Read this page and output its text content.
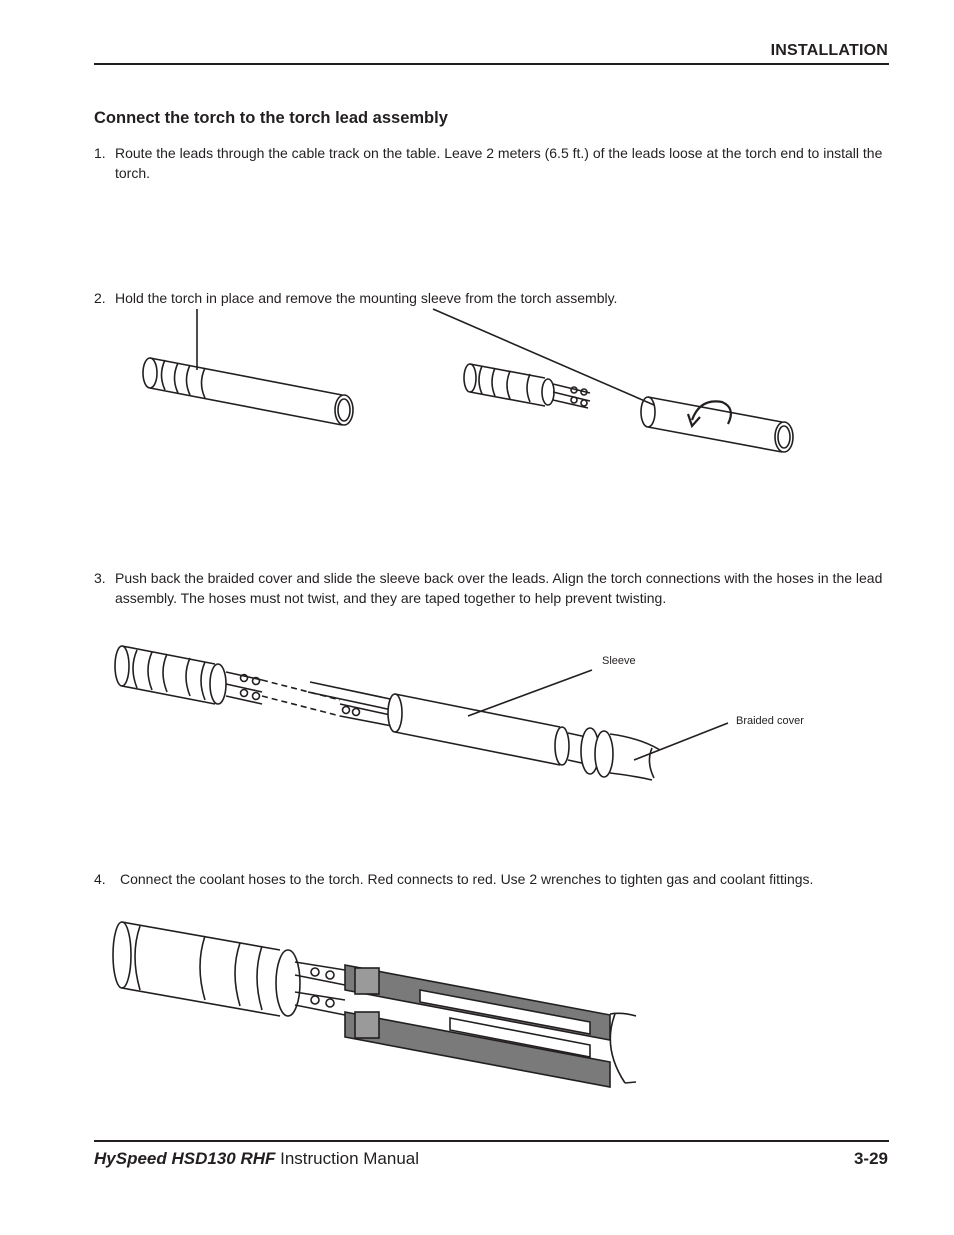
INSTALLATION
Connect the torch to the torch lead assembly
1. Route the leads through the cable track on the table. Leave 2 meters (6.5 ft.) of the leads loose at the torch end to install the torch.
2. Hold the torch in place and remove the mounting sleeve from the torch assembly.
3. Push back the braided cover and slide the sleeve back over the leads. Align the torch connections with the hoses in the lead assembly. The hoses must not twist, and they are taped together to help prevent twisting.
Sleeve
Braided cover
4.	Connect the coolant hoses to the torch. Red connects to red. Use 2 wrenches to tighten gas and coolant fittings.
HySpeed HSD130 RHF Instruction Manual	3-29
